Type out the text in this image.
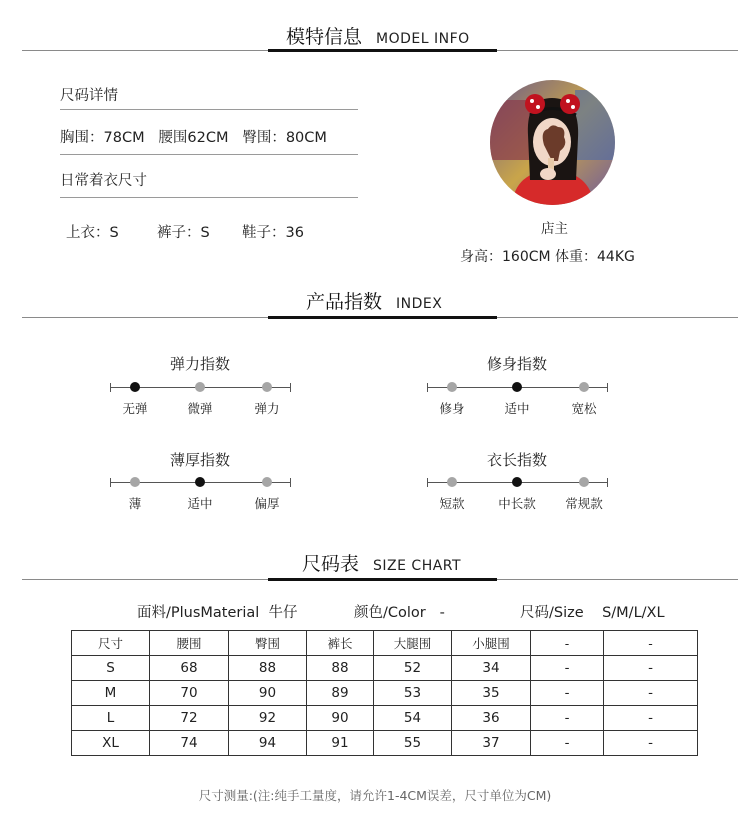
模特信息 MODEL INFO
尺码详情
胸围：78CM   腰围62CM   臀围：80CM
日常着衣尺寸
上衣：S	裤子：S 鞋子：36	店主
身高：160CM 体重：44KG
产品指数 INDEX
弹力指数
无弹	微弹	弹力
修身指数
修身	适中	宽松
薄厚指数
薄	适中	偏厚
衣长指数
短款	中长款	常规款
尺码表 SIZE CHART
面料/PlusMaterial  牛仔	颜色/Color   -	尺码/Size    S/M/L/XL
尺寸	腰围	臀围	裤长	大腿围	小腿围	-	-
S	68	88	88	52	34	-	-
M	70	90	89	53	35	-	-
L	72	92	90	54	36	-	-
XL	74	94	91	55	37	-	-
尺寸测量:(注:纯手工量度，请允许1-4CM误差，尺寸单位为CM)
